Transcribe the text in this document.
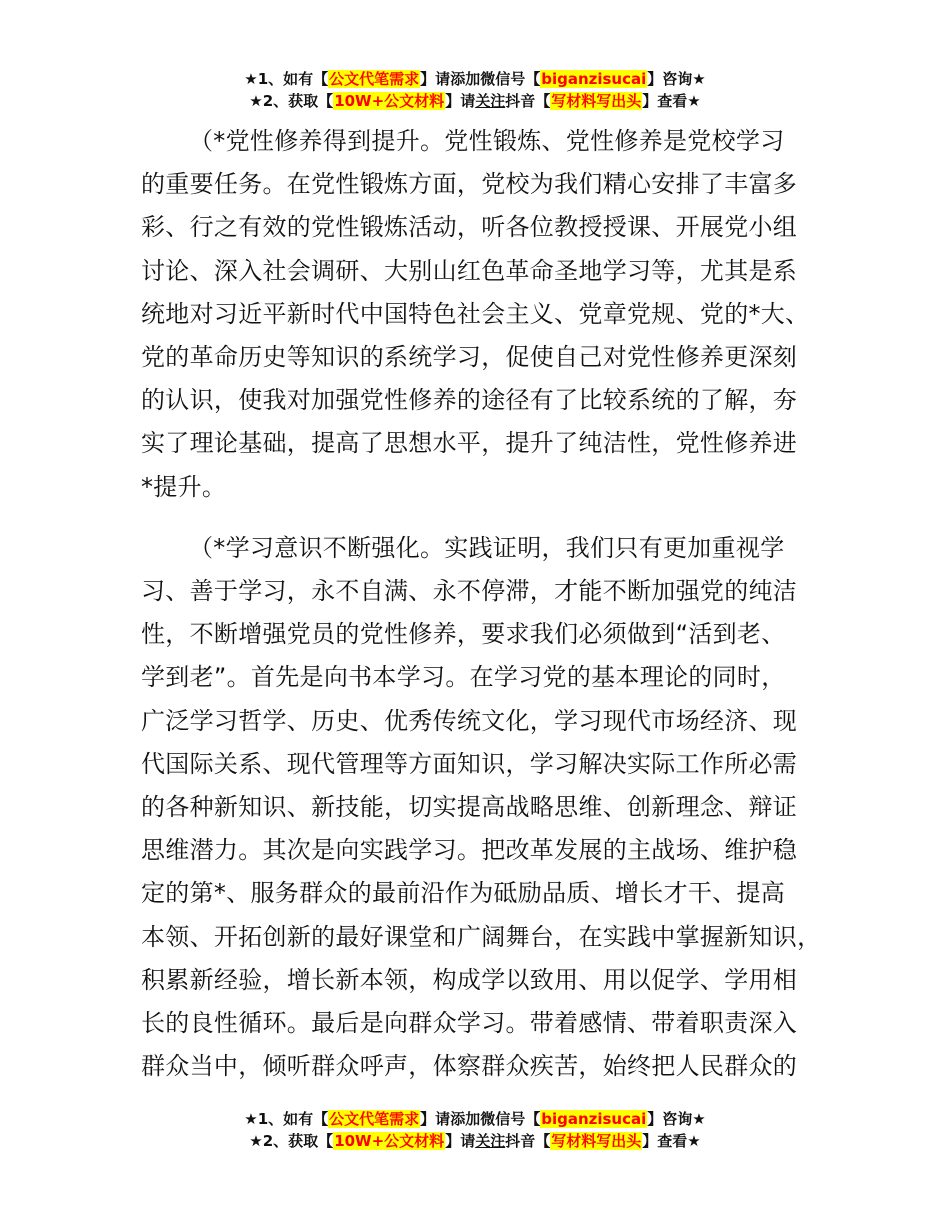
★1、如有【公文代笔需求】请添加微信号【biganzisucai】咨询★
★2、获取【10W+公文材料】请关注抖音【写材料写出头】查看★
（*党性修养得到提升。党性锻炼、党性修养是党校学习
的重要任务。在党性锻炼方面，党校为我们精心安排了丰富多
彩、行之有效的党性锻炼活动，听各位教授授课、开展党小组
讨论、深入社会调研、大别山红色革命圣地学习等，尤其是系
统地对习近平新时代中国特色社会主义、党章党规、党的*大、
党的革命历史等知识的系统学习，促使自己对党性修养更深刻
的认识，使我对加强党性修养的途径有了比较系统的了解，夯
实了理论基础，提高了思想水平，提升了纯洁性，党性修养进
*提升。
（*学习意识不断强化。实践证明，我们只有更加重视学
习、善于学习，永不自满、永不停滞，才能不断加强党的纯洁
性，不断增强党员的党性修养，要求我们必须做到“活到老、
学到老”。首先是向书本学习。在学习党的基本理论的同时，
广泛学习哲学、历史、优秀传统文化，学习现代市场经济、现
代国际关系、现代管理等方面知识，学习解决实际工作所必需
的各种新知识、新技能，切实提高战略思维、创新理念、辩证
思维潜力。其次是向实践学习。把改革发展的主战场、维护稳
定的第*、服务群众的最前沿作为砥励品质、增长才干、提高
本领、开拓创新的最好课堂和广阔舞台，在实践中掌握新知识，
积累新经验，增长新本领，构成学以致用、用以促学、学用相
长的良性循环。最后是向群众学习。带着感情、带着职责深入
群众当中，倾听群众呼声，体察群众疾苦，始终把人民群众的
★1、如有【公文代笔需求】请添加微信号【biganzisucai】咨询★
★2、获取【10W+公文材料】请关注抖音【写材料写出头】查看★
